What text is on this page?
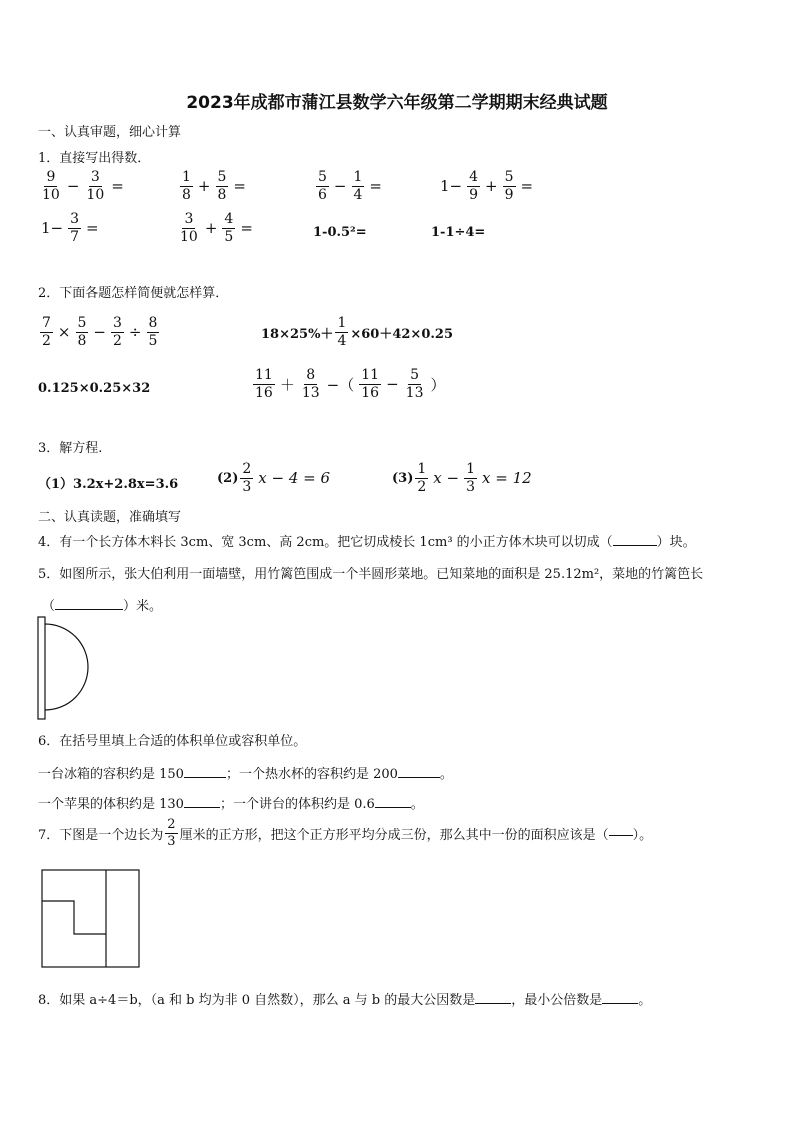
2023年成都市蒲江县数学六年级第二学期期末经典试题
一、认真审题，细心计算
1．直接写出得数．
$\frac{9}{10} - \frac{3}{10}$ =	$\frac{1}{8} + \frac{5}{8}$ =	$\frac{5}{6} - \frac{1}{4}$ =	$1- \frac{4}{9} + \frac{5}{9}$ =
$1- \frac{3}{7}$ =	$\frac{3}{10} + \frac{4}{5}$ =	1-0.5²=	1-1÷4=
2．下面各题怎样简便就怎样算．
$\frac{7}{2} \times \frac{5}{8} - \frac{3}{2} \div \frac{8}{5}$	$18\times 25\%+ \frac{1}{4} \times 60+42\times 0.25$
0.125×0.25×32	$\frac{11}{16} + \frac{8}{13}$ −（ $\frac{11}{16} - \frac{5}{13}$ ）
3．解方程.
（1）3.2x+2.8x=3.6	$(2) \frac{2}{3}$ x − 4 = 6	$(3) \frac{1}{2}$ $x - \frac{1}{3}$ x = 12
二、认真读题，准确填写
4．有一个长方体木料长 3cm、宽 3cm、高 2cm。把它切成棱长 1cm³ 的小正方体木块可以切成（	）块。
5．如图所示，张大伯利用一面墙壁，用竹篱笆围成一个半圆形菜地。已知菜地的面积是 25.12m²，菜地的竹篱笆长
（	）米。
6．在括号里填上合适的体积单位或容积单位。
一台冰箱的容积约是 150	；一个热水杯的容积约是 200	。
一个苹果的体积约是 130	；一个讲台的体积约是 0.6	。
7．下图是一个边长为 $\frac{2}{3}$ 厘米的正方形，把这个正方形平均分成三份，那么其中一份的面积应该是（ ）。
8．如果 a÷4＝b，（a 和 b 均为非 0 自然数），那么 a 与 b 的最大公因数是	，最小公倍数是	。
